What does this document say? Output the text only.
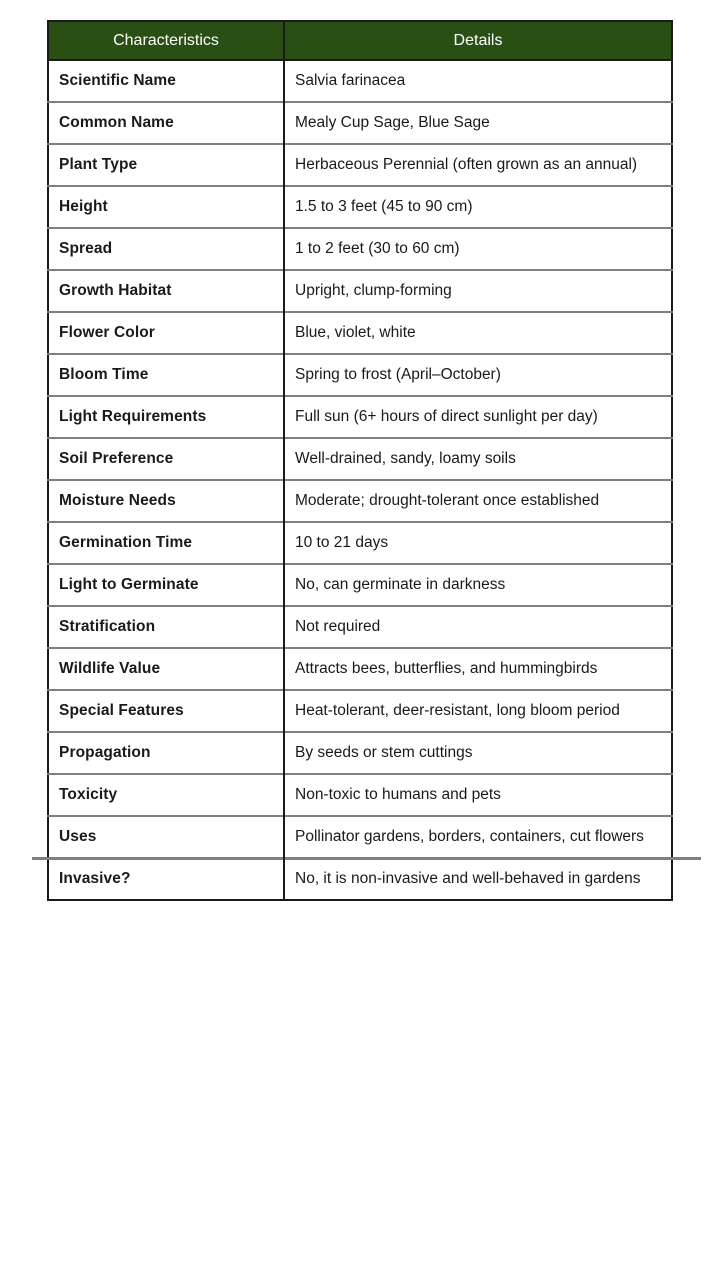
Characteristics	Details
Scientific Name	Salvia farinacea
Common Name	Mealy Cup Sage, Blue Sage
Plant Type	Herbaceous Perennial (often grown as an annual)
Height	1.5 to 3 feet (45 to 90 cm)
Spread	1 to 2 feet (30 to 60 cm)
Growth Habitat	Upright, clump-forming
Flower Color	Blue, violet, white
Bloom Time	Spring to frost (April–October)
Light Requirements	Full sun (6+ hours of direct sunlight per day)
Soil Preference	Well-drained, sandy, loamy soils
Moisture Needs	Moderate; drought-tolerant once established
Germination Time	10 to 21 days
Light to Germinate	No, can germinate in darkness
Stratification	Not required
Wildlife Value	Attracts bees, butterflies, and hummingbirds
Special Features	Heat-tolerant, deer-resistant, long bloom period
Propagation	By seeds or stem cuttings
Toxicity	Non-toxic to humans and pets
Uses	Pollinator gardens, borders, containers, cut flowers
Invasive?	No, it is non-invasive and well-behaved in gardens
